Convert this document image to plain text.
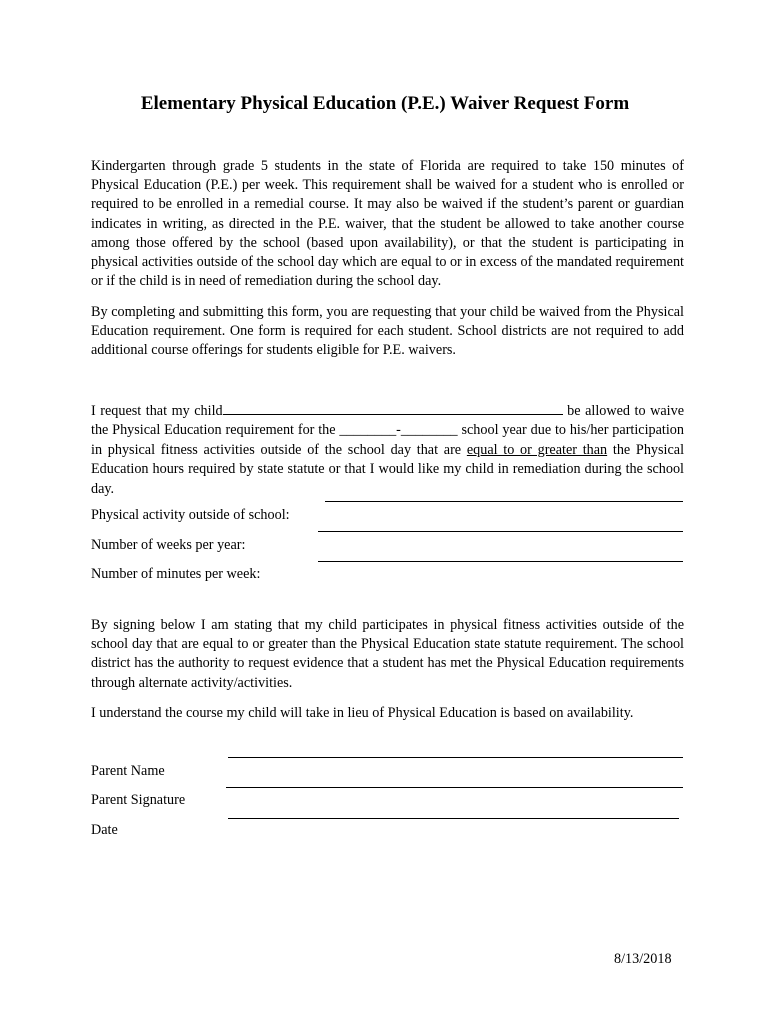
Elementary Physical Education (P.E.) Waiver Request Form

Kindergarten through grade 5 students in the state of Florida are required to take 150 minutes of Physical Education (P.E.) per week. This requirement shall be waived for a student who is enrolled or required to be enrolled in a remedial course. It may also be waived if the student’s parent or guardian indicates in writing, as directed in the P.E. waiver, that the student be allowed to take another course among those offered by the school (based upon availability), or that the student is participating in physical activities outside of the school day which are equal to or in excess of the mandated requirement or if the child is in need of remediation during the school day.

By completing and submitting this form, you are requesting that your child be waived from the Physical Education requirement. One form is required for each student. School districts are not required to add additional course offerings for students eligible for P.E. waivers.

I request that my child	be allowed to waive the Physical Education requirement for the ________-________ school year due to his/her participation in physical fitness activities outside of the school day that are equal to or greater than the Physical Education hours required by state statute or that I would like my child in remediation during the school day.

Physical activity outside of school:
Number of weeks per year:
Number of minutes per week:

By signing below I am stating that my child participates in physical fitness activities outside of the school day that are equal to or greater than the Physical Education state statute requirement. The school district has the authority to request evidence that a student has met the Physical Education requirements through alternate activity/activities.

I understand the course my child will take in lieu of Physical Education is based on availability.

Parent Name
Parent Signature
Date
8/13/2018
